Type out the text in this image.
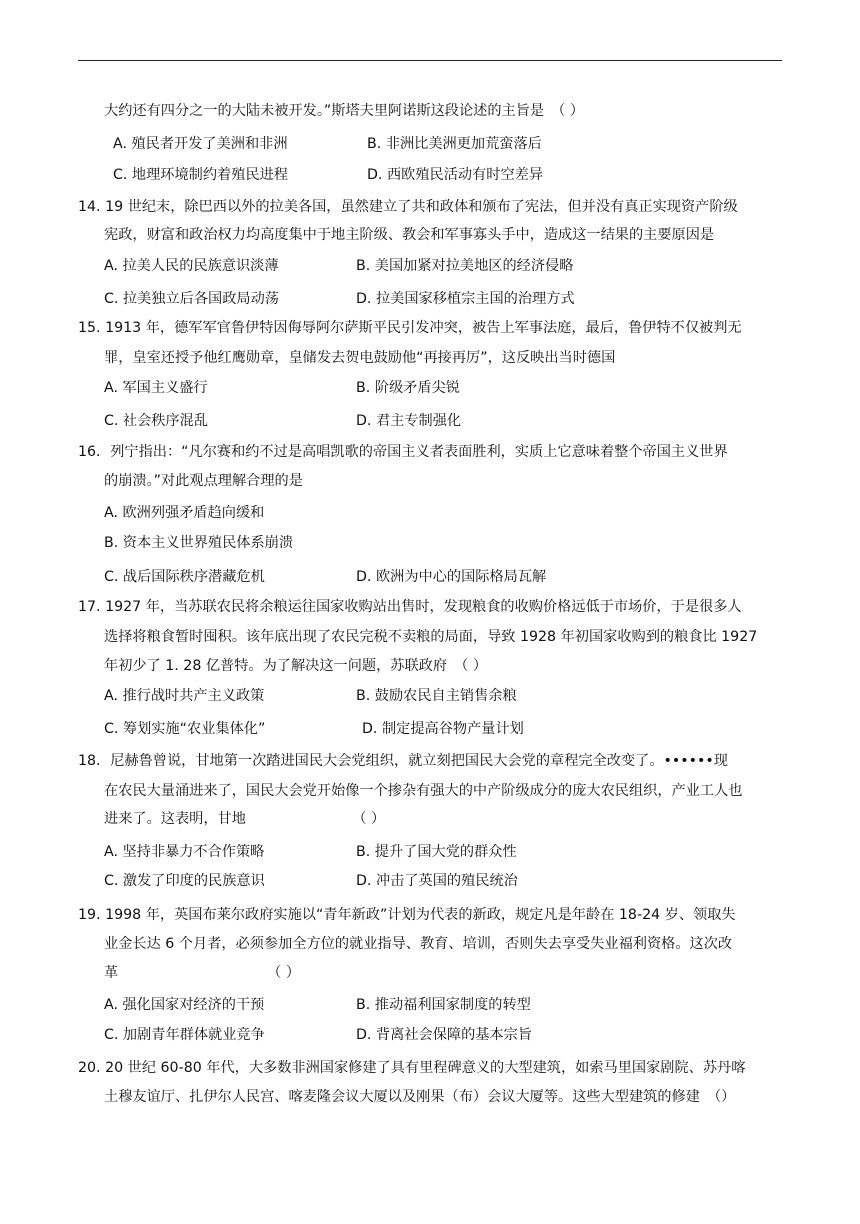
大约还有四分之一的大陆未被开发。”斯塔夫里阿诺斯这段论述的主旨是　（ ）
A. 殖民者开发了美洲和非洲	B. 非洲比美洲更加荒蛮落后
C. 地理环境制约着殖民进程	D. 西欧殖民活动有时空差异
14. 19 世纪末，除巴西以外的拉美各国，虽然建立了共和政体和颁布了宪法，但并没有真正实现资产阶级
宪政，财富和政治权力均高度集中于地主阶级、教会和军事寡头手中，造成这一结果的主要原因是
A. 拉美人民的民族意识淡薄	B. 美国加紧对拉美地区的经济侵略
C. 拉美独立后各国政局动荡	D. 拉美国家移植宗主国的治理方式
15. 1913 年，德军军官鲁伊特因侮辱阿尔萨斯平民引发冲突，被告上军事法庭，最后，鲁伊特不仅被判无
罪，皇室还授予他红鹰勋章，皇储发去贺电鼓励他“再接再厉”，这反映出当时德国
A. 军国主义盛行	B. 阶级矛盾尖锐
C. 社会秩序混乱	D. 君主专制强化
16．列宁指出：“凡尔赛和约不过是高唱凯歌的帝国主义者表面胜利，实质上它意味着整个帝国主义世界
的崩溃。”对此观点理解合理的是
A. 欧洲列强矛盾趋向缓和
B. 资本主义世界殖民体系崩溃
C. 战后国际秩序潜藏危机	D. 欧洲为中心的国际格局瓦解
17. 1927 年，当苏联农民将余粮运往国家收购站出售时，发现粮食的收购价格远低于市场价，于是很多人
选择将粮食暂时囤积。该年底出现了农民完税不卖粮的局面，导致 1928 年初国家收购到的粮食比 1927
年初少了 1. 28 亿普特。为了解决这一问题，苏联政府　（ ）
A. 推行战时共产主义政策	B. 鼓励农民自主销售余粮
C. 筹划实施“农业集体化”	D. 制定提高谷物产量计划
18．尼赫鲁曾说，甘地第一次踏进国民大会党组织，就立刻把国民大会党的章程完全改变了。••••••现
在农民大量涌进来了，国民大会党开始像一个掺杂有强大的中产阶级成分的庞大农民组织，产业工人也
进来了。这表明，甘地　　　　　　　　（ ）
A. 坚持非暴力不合作策略	B. 提升了国大党的群众性
C. 激发了印度的民族意识	D. 冲击了英国的殖民统治
19. 1998 年，英国布莱尔政府实施以“青年新政”计划为代表的新政，规定凡是年龄在 18-24 岁、领取失
业金长达 6 个月者，必须参加全方位的就业指导、教育、培训，否则失去享受失业福利资格。这次改
革　　　　　　　　　　　（ ）
A. 强化国家对经济的干预	B. 推动福利国家制度的转型
C. 加剧青年群体就业竞争	D. 背离社会保障的基本宗旨
20. 20 世纪 60-80 年代，大多数非洲国家修建了具有里程碑意义的大型建筑，如索马里国家剧院、苏丹喀
土穆友谊厅、扎伊尔人民宫、喀麦隆会议大厦以及刚果（布）会议大厦等。这些大型建筑的修建　（）
